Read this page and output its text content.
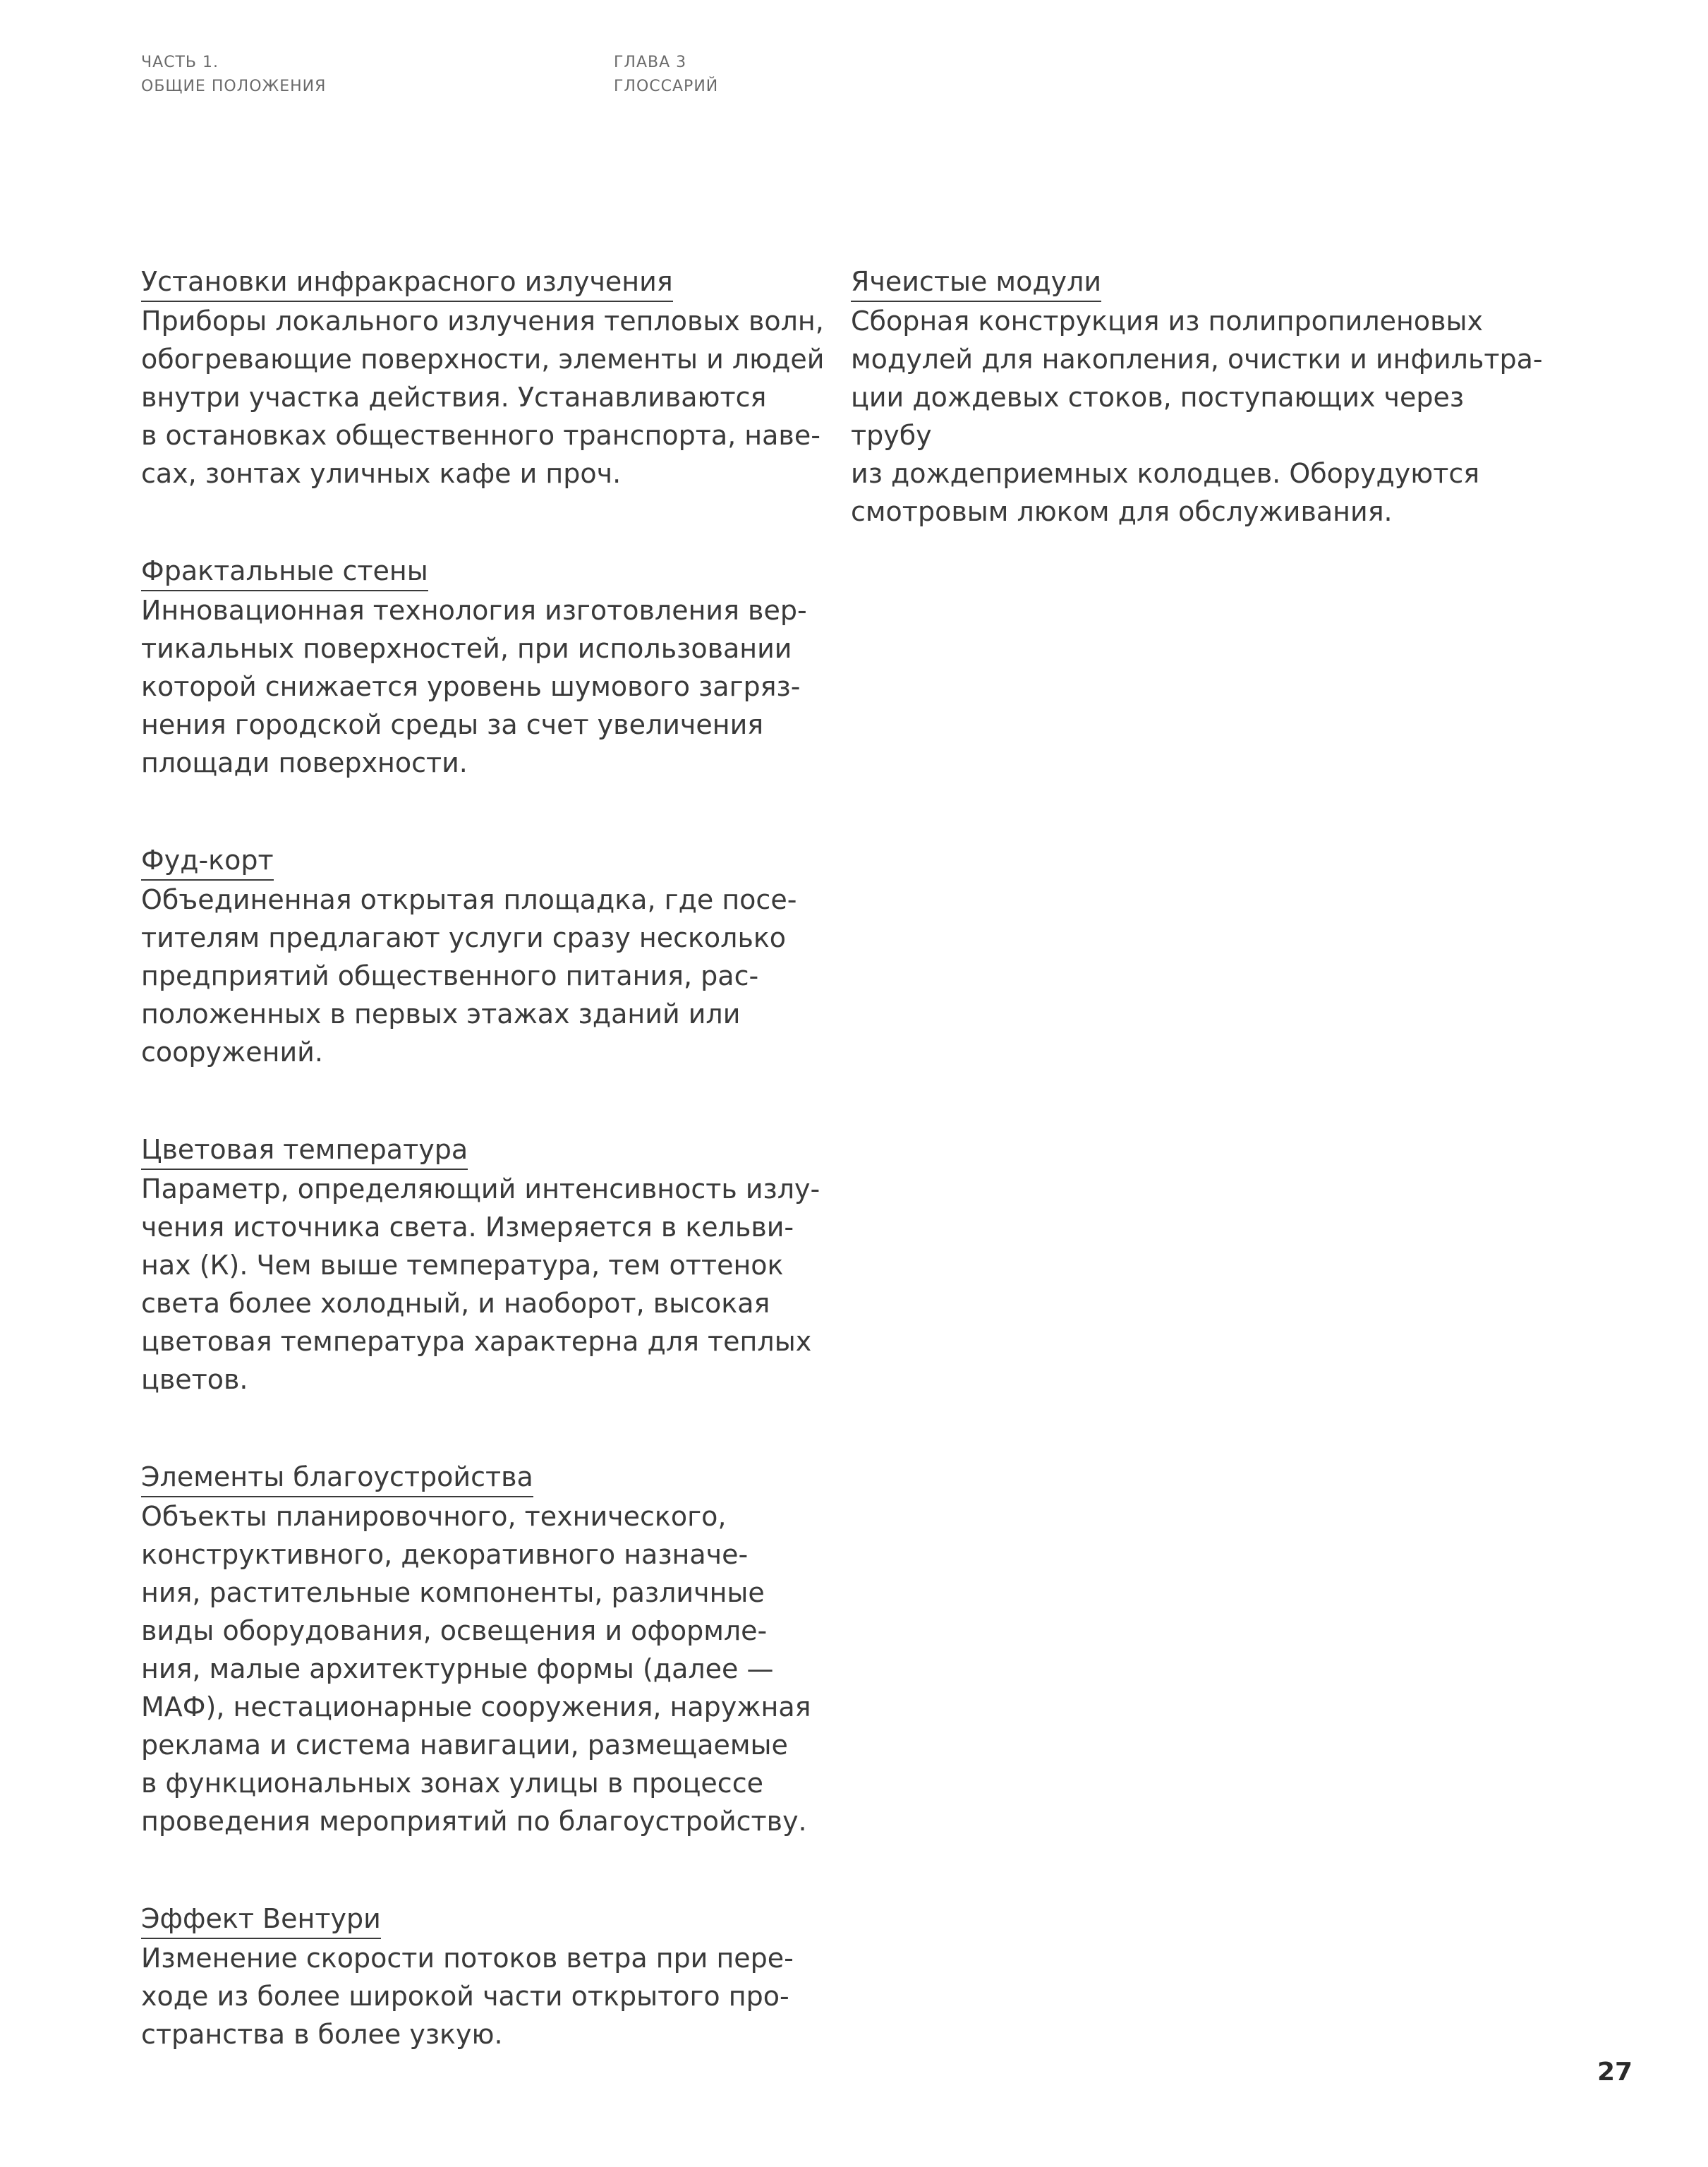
ЧАСТЬ 1.
ОБЩИЕ ПОЛОЖЕНИЯ
ГЛАВА 3
ГЛОССАРИЙ
Установки инфракрасного излучения

Приборы локального излучения тепловых волн,
обогревающие поверхности, элементы и людей
внутри участка действия. Устанавливаются
в остановках общественного транспорта, наве-
сах, зонтах уличных кафе и проч.

Фрактальные стены

Инновационная технология изготовления вер-
тикальных поверхностей, при использовании
которой снижается уровень шумового загряз-
нения городской среды за счет увеличения
площади поверхности.

Фуд-корт

Объединенная открытая площадка, где посе-
тителям предлагают услуги сразу несколько
предприятий общественного питания, рас-
положенных в первых этажах зданий или
сооружений.

Цветовая температура

Параметр, определяющий интенсивность излу-
чения источника света. Измеряется в кельви-
нах (К). Чем выше температура, тем оттенок
света более холодный, и наоборот, высокая
цветовая температура характерна для теплых
цветов.

Элементы благоустройства

Объекты планировочного, технического,
конструктивного, декоративного назначе-
ния, растительные компоненты, различные
виды оборудования, освещения и оформле-
ния, малые архитектурные формы (далее —
МАФ), нестационарные сооружения, наружная
реклама и система навигации, размещаемые
в функциональных зонах улицы в процессе
проведения мероприятий по благоустройству.

Эффект Вентури

Изменение скорости потоков ветра при пере-
ходе из более широкой части открытого про-
странства в более узкую.

Ячеистые модули

Сборная конструкция из полипропиленовых
модулей для накопления, очистки и инфильтра-
ции дождевых стоков, поступающих через трубу
из дождеприемных колодцев. Оборудуются
смотровым люком для обслуживания.

27
